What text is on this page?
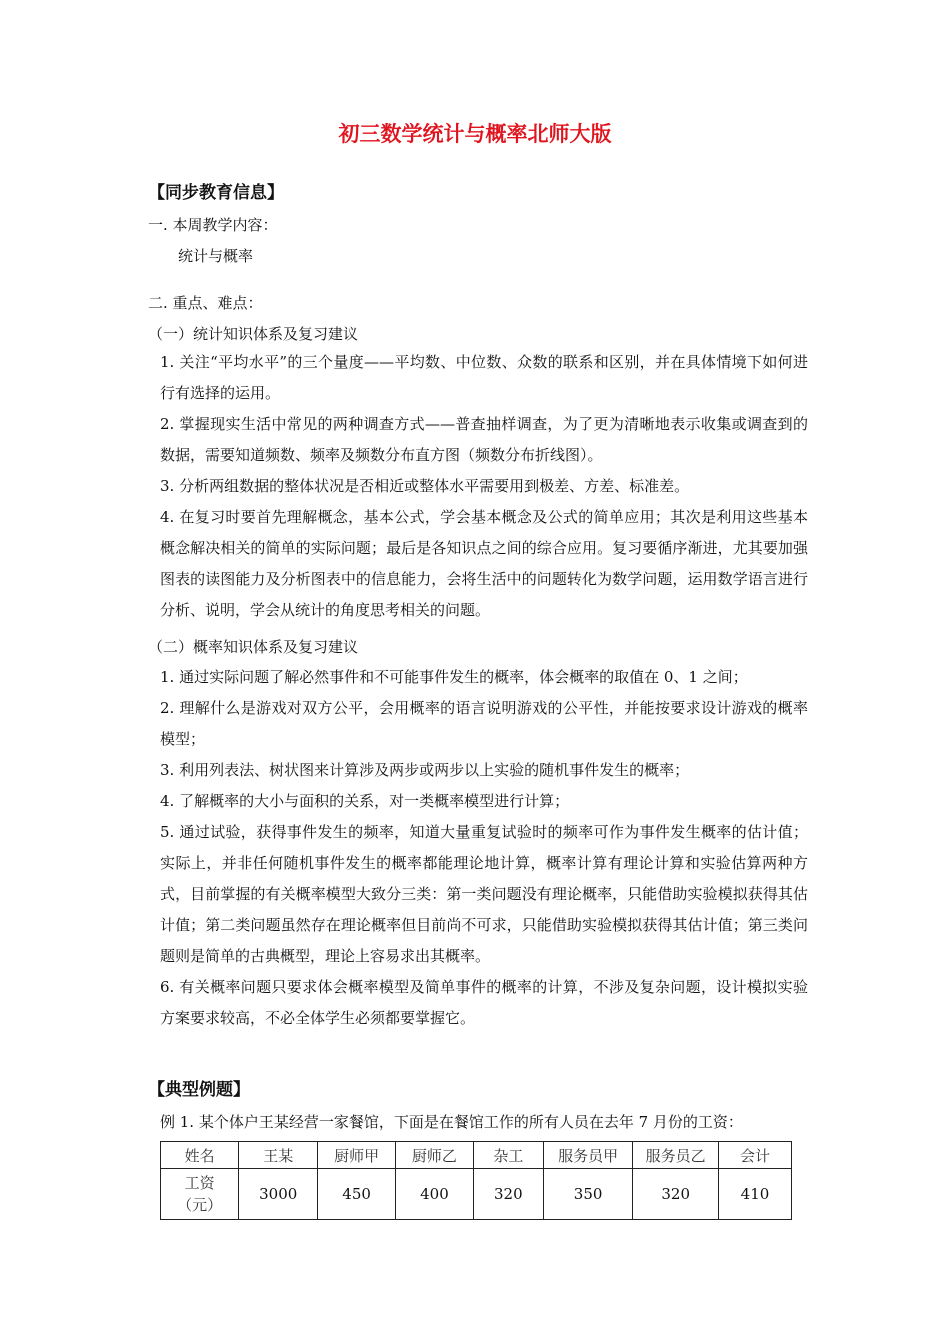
初三数学统计与概率北师大版
【同步教育信息】
一. 本周教学内容：
统计与概率
二. 重点、难点：
（一）统计知识体系及复习建议
1. 关注“平均水平”的三个量度——平均数、中位数、众数的联系和区别，并在具体情境下如何进行有选择的运用。
2. 掌握现实生活中常见的两种调查方式——普查抽样调查，为了更为清晰地表示收集或调查到的数据，需要知道频数、频率及频数分布直方图（频数分布折线图）。
3. 分析两组数据的整体状况是否相近或整体水平需要用到极差、方差、标准差。
4. 在复习时要首先理解概念，基本公式，学会基本概念及公式的简单应用；其次是利用这些基本概念解决相关的简单的实际问题；最后是各知识点之间的综合应用。复习要循序渐进，尤其要加强图表的读图能力及分析图表中的信息能力，会将生活中的问题转化为数学问题，运用数学语言进行分析、说明，学会从统计的角度思考相关的问题。
（二）概率知识体系及复习建议
1. 通过实际问题了解必然事件和不可能事件发生的概率，体会概率的取值在 0、1 之间；
2. 理解什么是游戏对双方公平，会用概率的语言说明游戏的公平性，并能按要求设计游戏的概率模型；
3. 利用列表法、树状图来计算涉及两步或两步以上实验的随机事件发生的概率；
4. 了解概率的大小与面积的关系，对一类概率模型进行计算；
5. 通过试验，获得事件发生的频率，知道大量重复试验时的频率可作为事件发生概率的估计值；实际上，并非任何随机事件发生的概率都能理论地计算，概率计算有理论计算和实验估算两种方式，目前掌握的有关概率模型大致分三类：第一类问题没有理论概率，只能借助实验模拟获得其估计值；第二类问题虽然存在理论概率但目前尚不可求，只能借助实验模拟获得其估计值；第三类问题则是简单的古典概型，理论上容易求出其概率。
6. 有关概率问题只要求体会概率模型及简单事件的概率的计算，不涉及复杂问题，设计模拟实验方案要求较高，不必全体学生必须都要掌握它。
【典型例题】
例 1. 某个体户王某经营一家餐馆，下面是在餐馆工作的所有人员在去年 7 月份的工资：
姓名	王某	厨师甲	厨师乙	杂工	服务员甲	服务员乙	会计

工资
（元）	3000	450	400	320	350	320	410
